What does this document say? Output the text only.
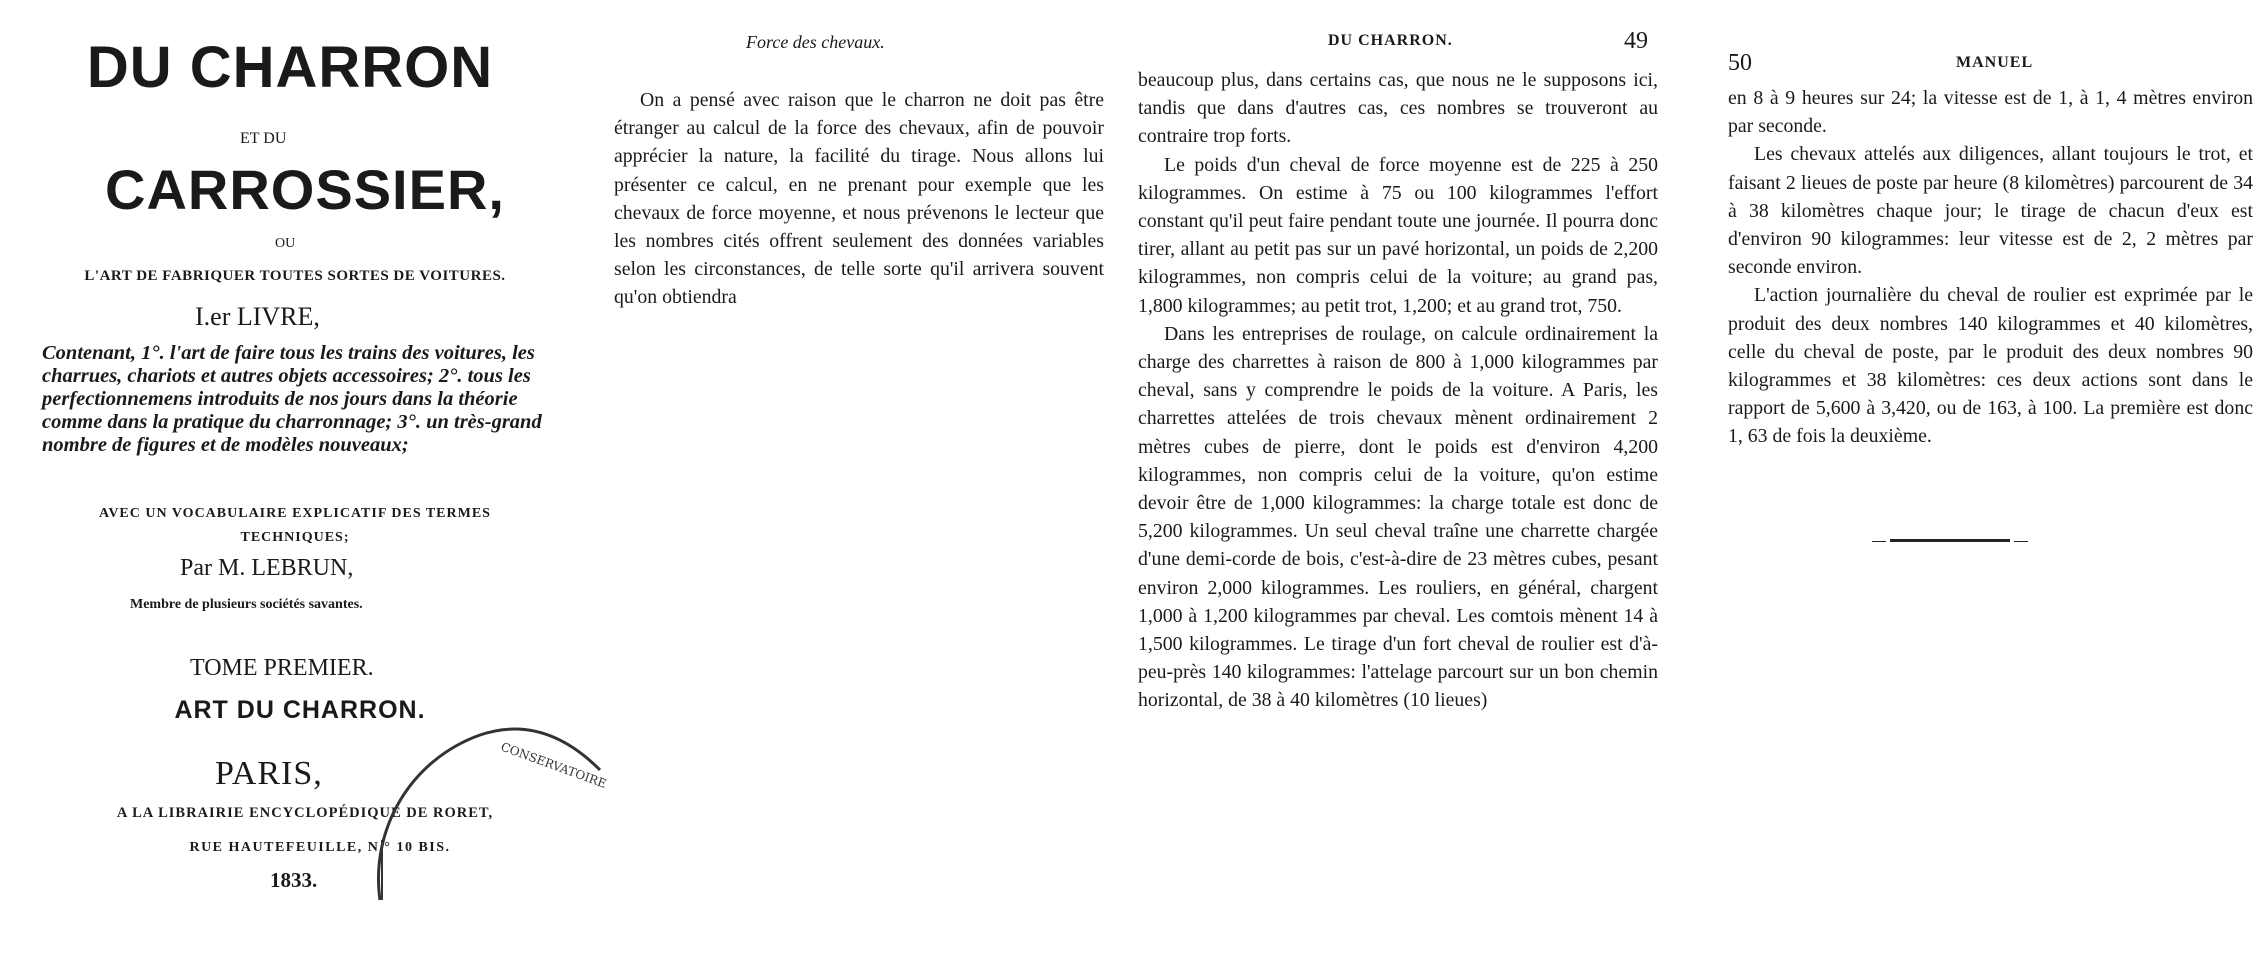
DU CHARRON
ET DU
CARROSSIER,
OU
L'ART DE FABRIQUER TOUTES SORTES DE VOITURES.
I.er LIVRE,
Contenant, 1°. l'art de faire tous les trains des voitures, les charrues, chariots et autres objets accessoires; 2°. tous les perfectionnemens introduits de nos jours dans la théorie comme dans la pratique du charronnage; 3°. un très-grand nombre de figures et de modèles nouveaux;
AVEC UN VOCABULAIRE EXPLICATIF DES TERMES TECHNIQUES;
Par M. LEBRUN,
Membre de plusieurs sociétés savantes.
TOME PREMIER.
ART DU CHARRON.
PARIS,
A LA LIBRAIRIE ENCYCLOPÉDIQUE DE RORET,
RUE HAUTEFEUILLE, N.° 10 BIS.
1833.
CONSERVATOIRE
Force des chevaux.

On a pensé avec raison que le charron ne doit pas être étranger au calcul de la force des chevaux, afin de pouvoir apprécier la nature, la facilité du tirage. Nous allons lui présenter ce calcul, en ne prenant pour exemple que les chevaux de force moyenne, et nous prévenons le lecteur que les nombres cités offrent seulement des données variables selon les circonstances, de telle sorte qu'il arrivera souvent qu'on obtiendra

DU CHARRON.	49

beaucoup plus, dans certains cas, que nous ne le supposons ici, tandis que dans d'autres cas, ces nombres se trouveront au contraire trop forts.

Le poids d'un cheval de force moyenne est de 225 à 250 kilogrammes. On estime à 75 ou 100 kilogrammes l'effort constant qu'il peut faire pendant toute une journée. Il pourra donc tirer, allant au petit pas sur un pavé horizontal, un poids de 2,200 kilogrammes, non compris celui de la voiture; au grand pas, 1,800 kilogrammes; au petit trot, 1,200; et au grand trot, 750.

Dans les entreprises de roulage, on calcule ordinairement la charge des charrettes à raison de 800 à 1,000 kilogrammes par cheval, sans y comprendre le poids de la voiture. A Paris, les charrettes attelées de trois chevaux mènent ordinairement 2 mètres cubes de pierre, dont le poids est d'environ 4,200 kilogrammes, non compris celui de la voiture, qu'on estime devoir être de 1,000 kilogrammes: la charge totale est donc de 5,200 kilogrammes. Un seul cheval traîne une charrette chargée d'une demi-corde de bois, c'est-à-dire de 23 mètres cubes, pesant environ 2,000 kilogrammes. Les rouliers, en général, chargent 1,000 à 1,200 kilogrammes par cheval. Les comtois mènent 14 à 1,500 kilogrammes. Le tirage d'un fort cheval de roulier est d'à-peu-près 140 kilogrammes: l'attelage parcourt sur un bon chemin horizontal, de 38 à 40 kilomètres (10 lieues)

50	MANUEL

en 8 à 9 heures sur 24; la vitesse est de 1, à 1, 4 mètres environ par seconde.

Les chevaux attelés aux diligences, allant toujours le trot, et faisant 2 lieues de poste par heure (8 kilomètres) parcourent de 34 à 38 kilomètres chaque jour; le tirage de chacun d'eux est d'environ 90 kilogrammes: leur vitesse est de 2, 2 mètres par seconde environ.

L'action journalière du cheval de roulier est exprimée par le produit des deux nombres 140 kilogrammes et 40 kilomètres, celle du cheval de poste, par le produit des deux nombres 90 kilogrammes et 38 kilomètres: ces deux actions sont dans le rapport de 5,600 à 3,420, ou de 163, à 100. La première est donc 1, 63 de fois la deuxième.
